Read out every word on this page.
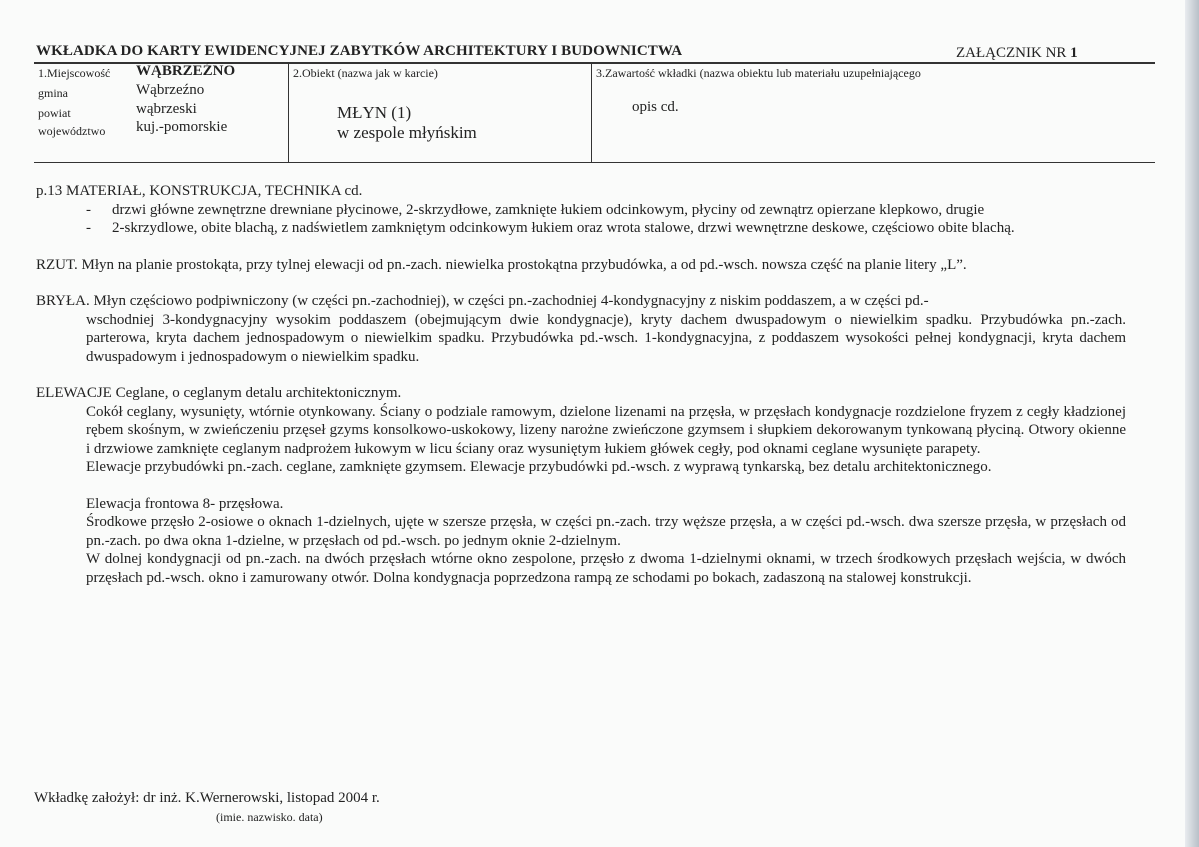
WKŁADKA DO KARTY EWIDENCYJNEJ ZABYTKÓW ARCHITEKTURY I BUDOWNICTWA	ZAŁĄCZNIK NR 1
1.Miejscowość WĄBRZEŹNO
gmina	Wąbrzeźno
powiat	wąbrzeski
województwo kuj.-pomorskie
2.Obiekt (nazwa jak w karcie)
MŁYN (1)
w zespole młyńskim
3.Zawartość wkładki (nazwa obiektu lub materiału uzupełniającego
opis cd.

p.13 MATERIAŁ, KONSTRUKCJA, TECHNIKA cd.

-	drzwi główne zewnętrzne drewniane płycinowe, 2-skrzydłowe, zamknięte łukiem odcinkowym, płyciny od zewnątrz opierzane klepkowo, drugie
-	2-skrzydlowe, obite blachą, z nadświetlem zamkniętym odcinkowym łukiem oraz wrota stalowe, drzwi wewnętrzne deskowe, częściowo obite blachą.

RZUT. Młyn na planie prostokąta, przy tylnej elewacji od pn.-zach. niewielka prostokątna przybudówka, a od pd.-wsch. nowsza część na planie litery „L”.

BRYŁA. Młyn częściowo podpiwniczony (w części pn.-zachodniej), w części pn.-zachodniej 4-kondygnacyjny z niskim poddaszem, a w części pd.-

wschodniej 3-kondygnacyjny wysokim poddaszem (obejmującym dwie kondygnacje), kryty dachem dwuspadowym o niewielkim spadku. Przybudówka pn.-zach. parterowa, kryta dachem jednospadowym o niewielkim spadku. Przybudówka pd.-wsch. 1-kondygnacyjna, z poddaszem wysokości pełnej kondygnacji, kryta dachem dwuspadowym i jednospadowym o niewielkim spadku.

ELEWACJE Ceglane, o ceglanym detalu architektonicznym.

Cokół ceglany, wysunięty, wtórnie otynkowany. Ściany o podziale ramowym, dzielone lizenami na przęsła, w przęsłach kondygnacje rozdzielone fryzem z cegły kładzionej rębem skośnym, w zwieńczeniu przęseł gzyms konsolkowo-uskokowy, lizeny narożne zwieńczone gzymsem i słupkiem dekorowanym tynkowaną płyciną. Otwory okienne i drzwiowe zamknięte ceglanym nadprożem łukowym w licu ściany oraz wysuniętym łukiem główek cegły, pod oknami ceglane wysunięte parapety.

Elewacje przybudówki pn.-zach. ceglane, zamknięte gzymsem. Elewacje przybudówki pd.-wsch. z wyprawą tynkarską, bez detalu architektonicznego.

Elewacja frontowa 8- przęsłowa.

Środkowe przęsło 2-osiowe o oknach 1-dzielnych, ujęte w szersze przęsła, w części pn.-zach. trzy węższe przęsła, a w części pd.-wsch. dwa szersze przęsła, w przęsłach od pn.-zach. po dwa okna 1-dzielne, w przęsłach od pd.-wsch. po jednym oknie 2-dzielnym.

W dolnej kondygnacji od pn.-zach. na dwóch przęsłach wtórne okno zespolone, przęsło z dwoma 1-dzielnymi oknami, w trzech środkowych przęsłach wejścia, w dwóch przęsłach pd.-wsch. okno i zamurowany otwór. Dolna kondygnacja poprzedzona rampą ze schodami po bokach, zadaszoną na stalowej konstrukcji.

Wkładkę założył: dr inż. K.Wernerowski, listopad 2004 r.
(imie. nazwisko. data)
